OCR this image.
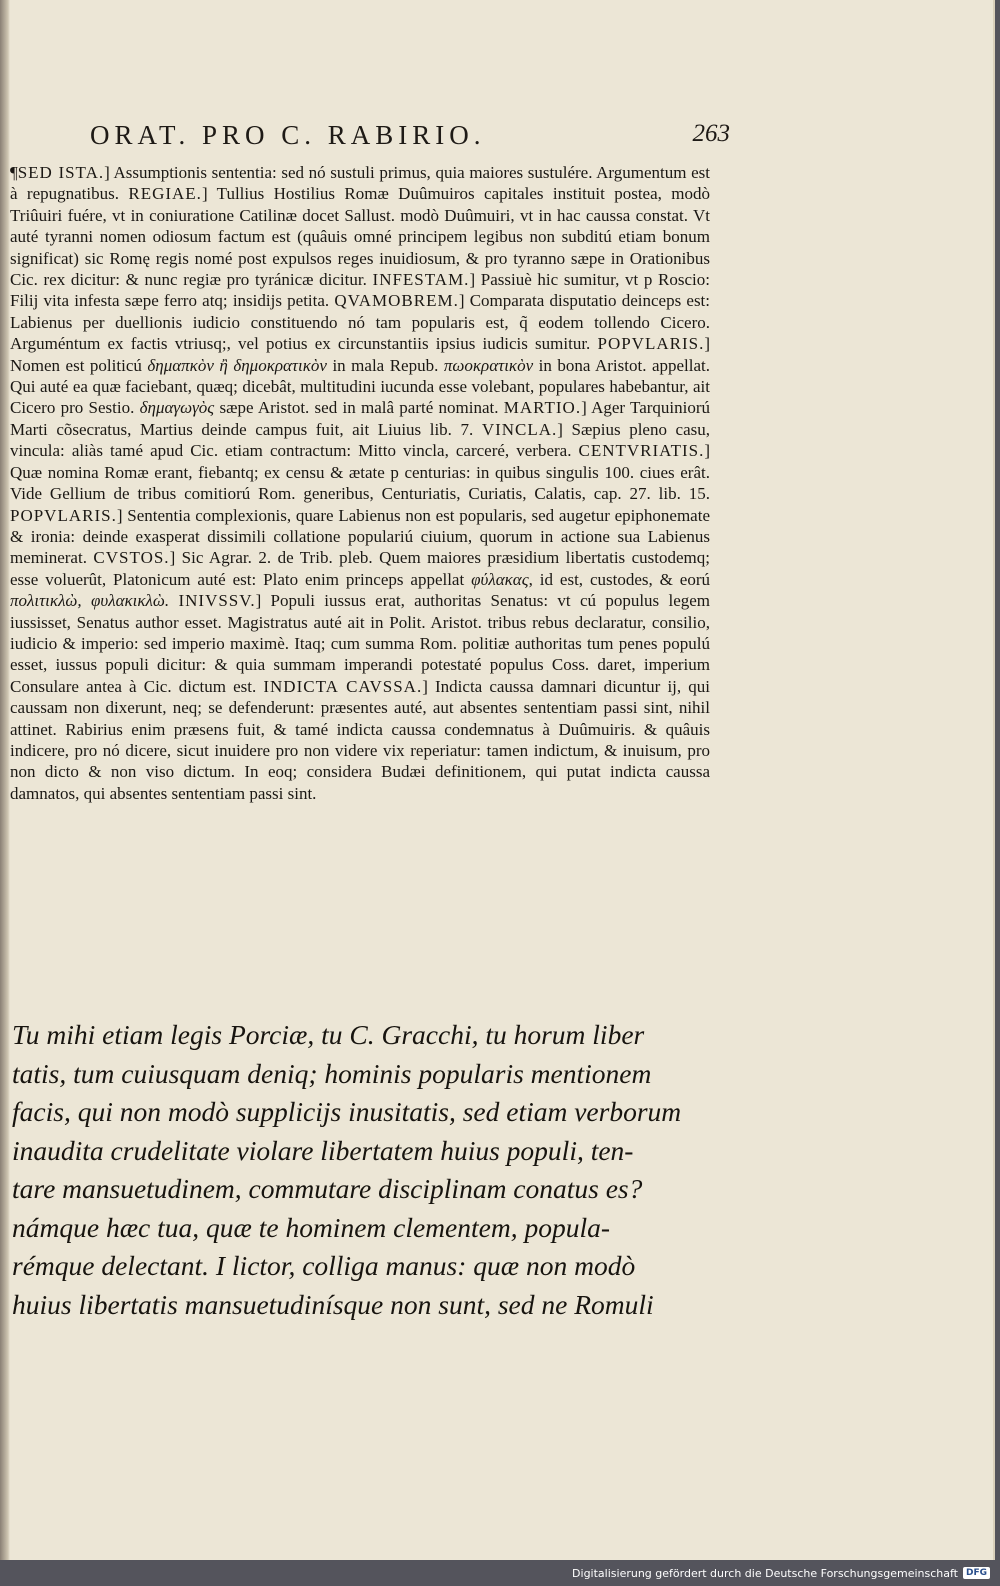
ORAT. PRO C. RABIRIO.	263

¶SED ISTA.] Assumptionis sententia: sed nó sustuli primus, quia maiores sustulére. Argumentum est à repugnatibus. REGIAE.] Tullius Hostilius Romæ Duûmuiros capitales instituit postea, modò Triûuiri fuére, vt in coniuratione Catilinæ docet Sallust. modò Duûmuiri, vt in hac caussa constat. Vt auté tyranni nomen odiosum factum est (quâuis omné principem legibus non subditú etiam bonum significat) sic Romę regis nomé post expulsos reges inuidiosum, & pro tyranno sæpe in Orationibus Cic. rex dicitur: & nunc regiæ pro tyránicæ dicitur. INFESTAM.] Passiuè hic sumitur, vt p Roscio: Filij vita infesta sæpe ferro atq; insidijs petita. QVAMOBREM.] Comparata disputatio deinceps est: Labienus per duellionis iudicio constituendo nó tam popularis est, q̃ eodem tollendo Cicero. Arguméntum ex factis vtriusq;, vel potius ex circunstantiis ipsius iudicis sumitur. POPVLARIS.] Nomen est politicú δημαπκὸν ἢ δημοκρατικὸν in mala Repub. πωοκρατικὸν in bona Aristot. appellat. Qui auté ea quæ faciebant, quæq; dicebât, multitudini iucunda esse volebant, populares habebantur, ait Cicero pro Sestio. δημαγωγὸς sæpe Aristot. sed in malâ parté nominat. MARTIO.] Ager Tarquiniorú Marti cõsecratus, Martius deinde campus fuit, ait Liuius lib. 7. VINCLA.] Sæpius pleno casu, vincula: aliàs tamé apud Cic. etiam contractum: Mitto vincla, carceré, verbera. CENTVRIATIS.] Quæ nomina Romæ erant, fiebantq; ex censu & ætate p centurias: in quibus singulis 100. ciues erât. Vide Gellium de tribus comitiorú Rom. generibus, Centuriatis, Curiatis, Calatis, cap. 27. lib. 15. POPVLARIS.] Sententia complexionis, quare Labienus non est popularis, sed augetur epiphonemate & ironia: deinde exasperat dissimili collatione populariú ciuium, quorum in actione sua Labienus meminerat. CVSTOS.] Sic Agrar. 2. de Trib. pleb. Quem maiores præsidium libertatis custodemq; esse voluerût, Platonicum auté est: Plato enim princeps appellat φύλακας, id est, custodes, & eorú πολιτικλὼ, φυλακικλὼ. INIVSSV.] Populi iussus erat, authoritas Senatus: vt cú populus legem iussisset, Senatus author esset. Magistratus auté ait in Polit. Aristot. tribus rebus declaratur, consilio, iudicio & imperio: sed imperio maximè. Itaq; cum summa Rom. politiæ authoritas tum penes populú esset, iussus populi dicitur: & quia summam imperandi potestaté populus Coss. daret, imperium Consulare antea à Cic. dictum est. INDICTA CAVSSA.] Indicta caussa damnari dicuntur ij, qui caussam non dixerunt, neq; se defenderunt: præsentes auté, aut absentes sententiam passi sint, nihil attinet. Rabirius enim præsens fuit, & tamé indicta caussa condemnatus à Duûmuiris. & quâuis indicere, pro nó dicere, sicut inuidere pro non videre vix reperiatur: tamen indictum, & inuisum, pro non dicto & non viso dictum. In eoq; considera Budæi definitionem, qui putat indicta caussa damnatos, qui absentes sententiam passi sint.

Tu mihi etiam legis Porciæ, tu C. Gracchi, tu horum liber
tatis, tum cuiusquam deniq; hominis popularis mentionem
facis, qui non modò supplicijs inusitatis, sed etiam verborum
inaudita crudelitate violare libertatem huius populi, ten-
tare mansuetudinem, commutare disciplinam conatus es?
námque hæc tua, quæ te hominem clementem, popula-
rémque delectant. I lictor, colliga manus: quæ non modò
huius libertatis mansuetudinísque non sunt, sed ne Romuli
Digitalisierung gefördert durch die Deutsche Forschungsgemeinschaft DFG
